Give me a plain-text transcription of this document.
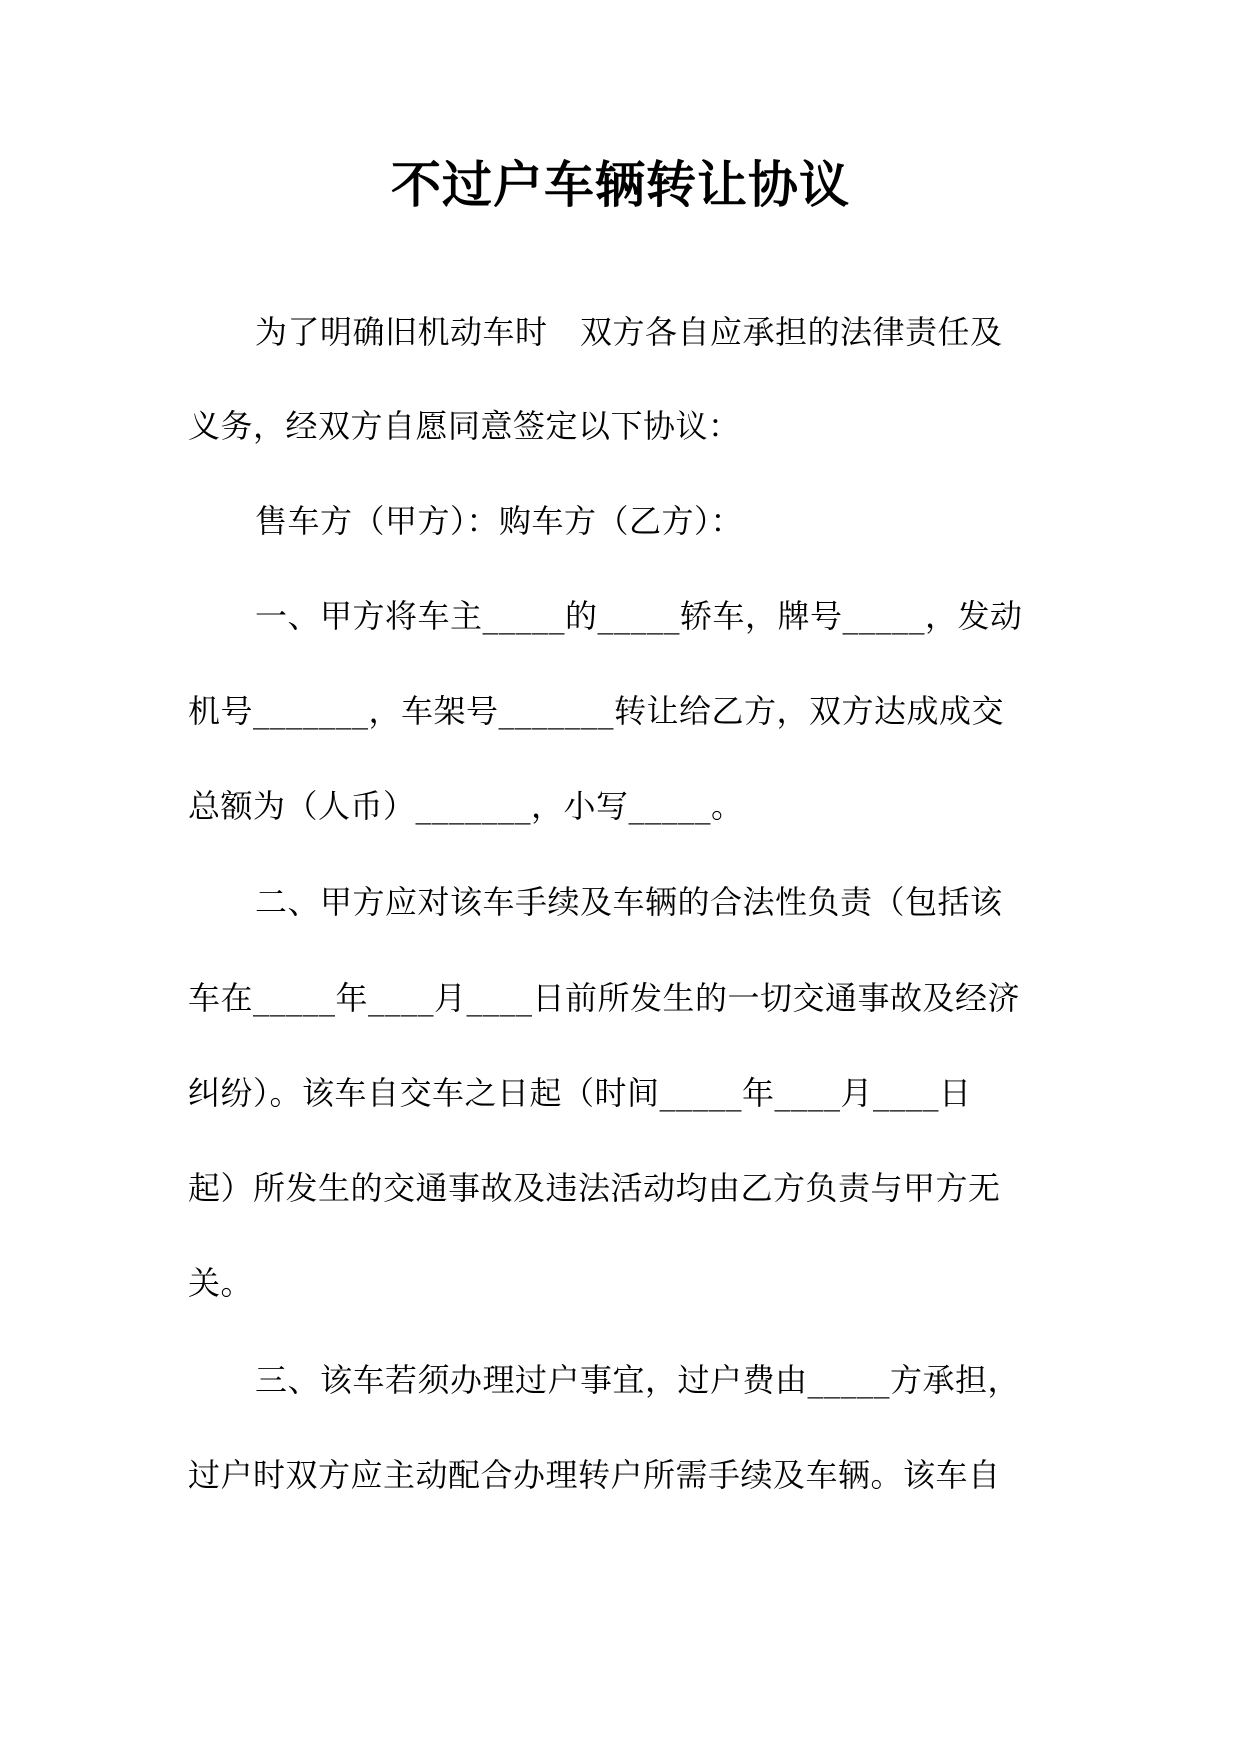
不过户车辆转让协议
为了明确旧机动车时　双方各自应承担的法律责任及
义务，经双方自愿同意签定以下协议：
售车方（甲方）：购车方（乙方）：
一、甲方将车主_____的_____轿车，牌号_____，发动
机号_______，车架号_______转让给乙方，双方达成成交
总额为（人币）_______，小写_____。
二、甲方应对该车手续及车辆的合法性负责（包括该
车在_____年____月____日前所发生的一切交通事故及经济
纠纷）。该车自交车之日起（时间_____年____月____日
起）所发生的交通事故及违法活动均由乙方负责与甲方无
关。
三、该车若须办理过户事宜，过户费由_____方承担，
过户时双方应主动配合办理转户所需手续及车辆。该车自
